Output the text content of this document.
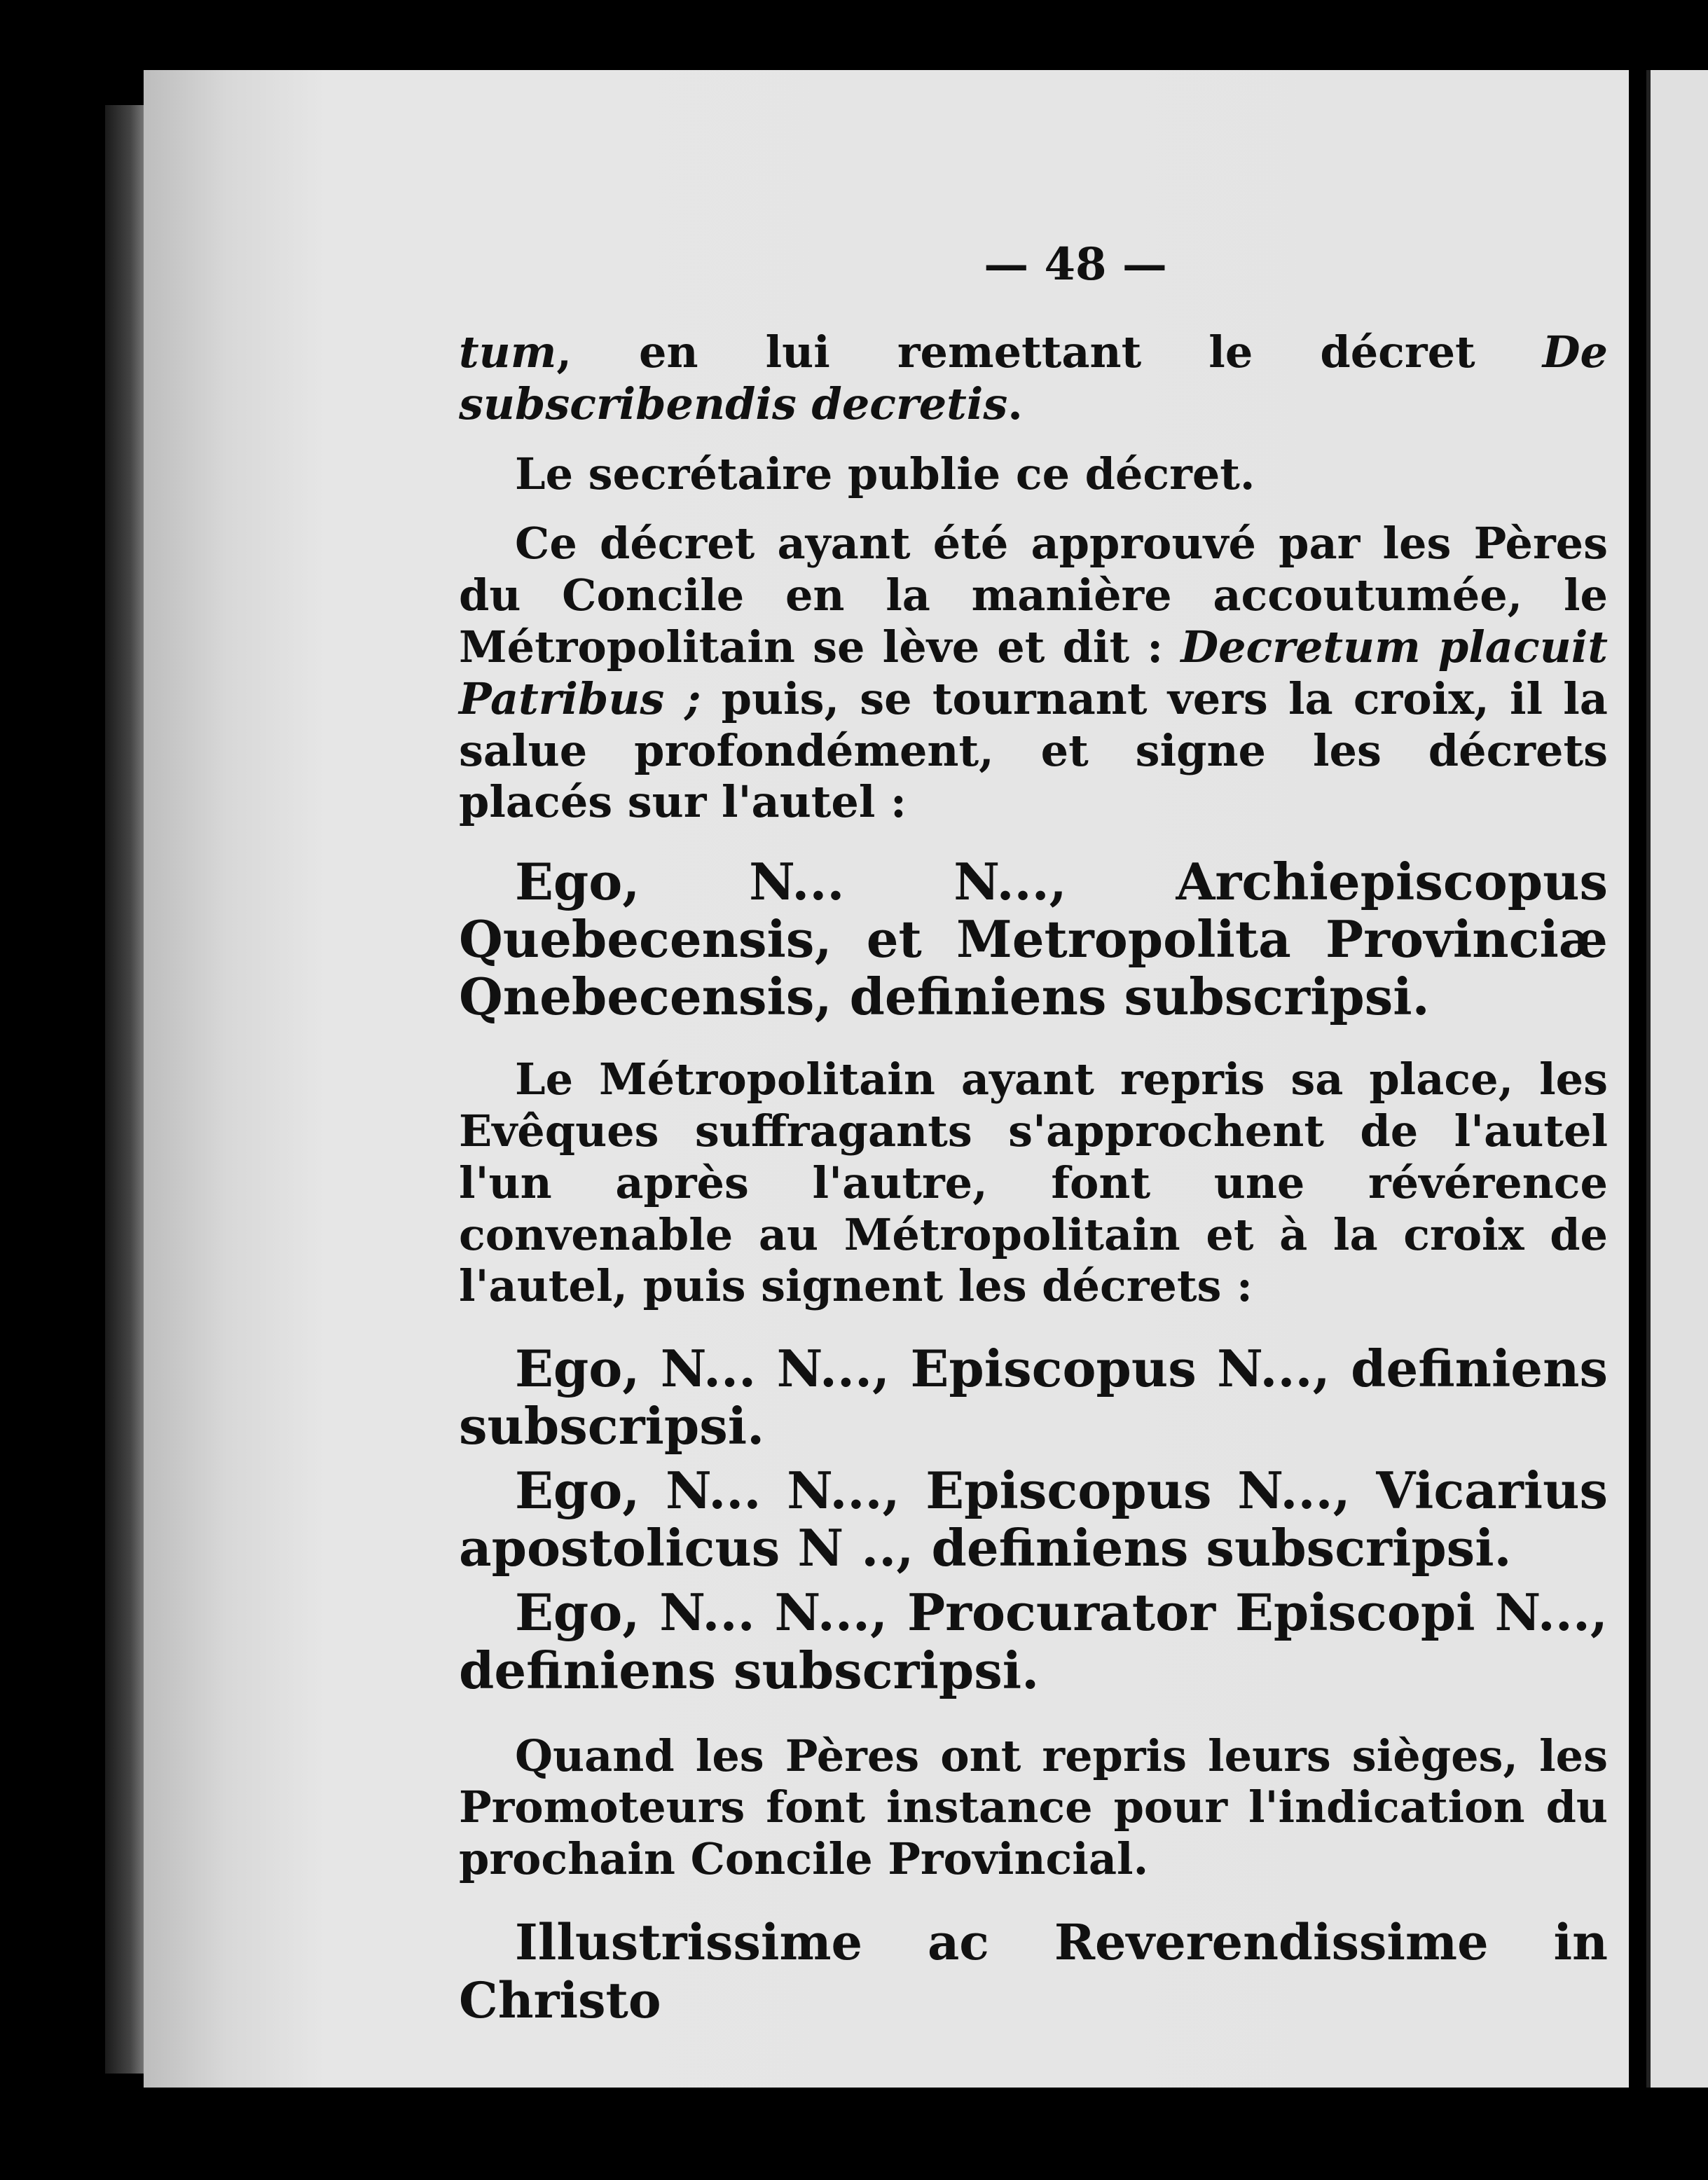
— 48 —

tum, en lui remettant le décret De subscribendis decretis.

Le secrétaire publie ce décret.

Ce décret ayant été approuvé par les Pères du Concile en la manière accoutumée, le Métropolitain se lève et dit : Decretum placuit Patribus ; puis, se tournant vers la croix, il la salue profondément, et signe les décrets placés sur l'autel :

Ego, N... N..., Archiepiscopus Quebecensis, et Metropolita Provinciæ Qnebecensis, definiens subscripsi.

Le Métropolitain ayant repris sa place, les Evêques suffragants s'approchent de l'autel l'un après l'autre, font une révérence convenable au Métropolitain et à la croix de l'autel, puis signent les décrets :

Ego, N... N..., Episcopus N..., definiens subscripsi.

Ego, N... N..., Episcopus N..., Vicarius apostolicus N .., definiens subscripsi.

Ego, N... N..., Procurator Episcopi N..., definiens subscripsi.

Quand les Pères ont repris leurs sièges, les Promoteurs font instance pour l'indication du prochain Concile Provincial.

Illustrissime ac Reverendissime in Christo
